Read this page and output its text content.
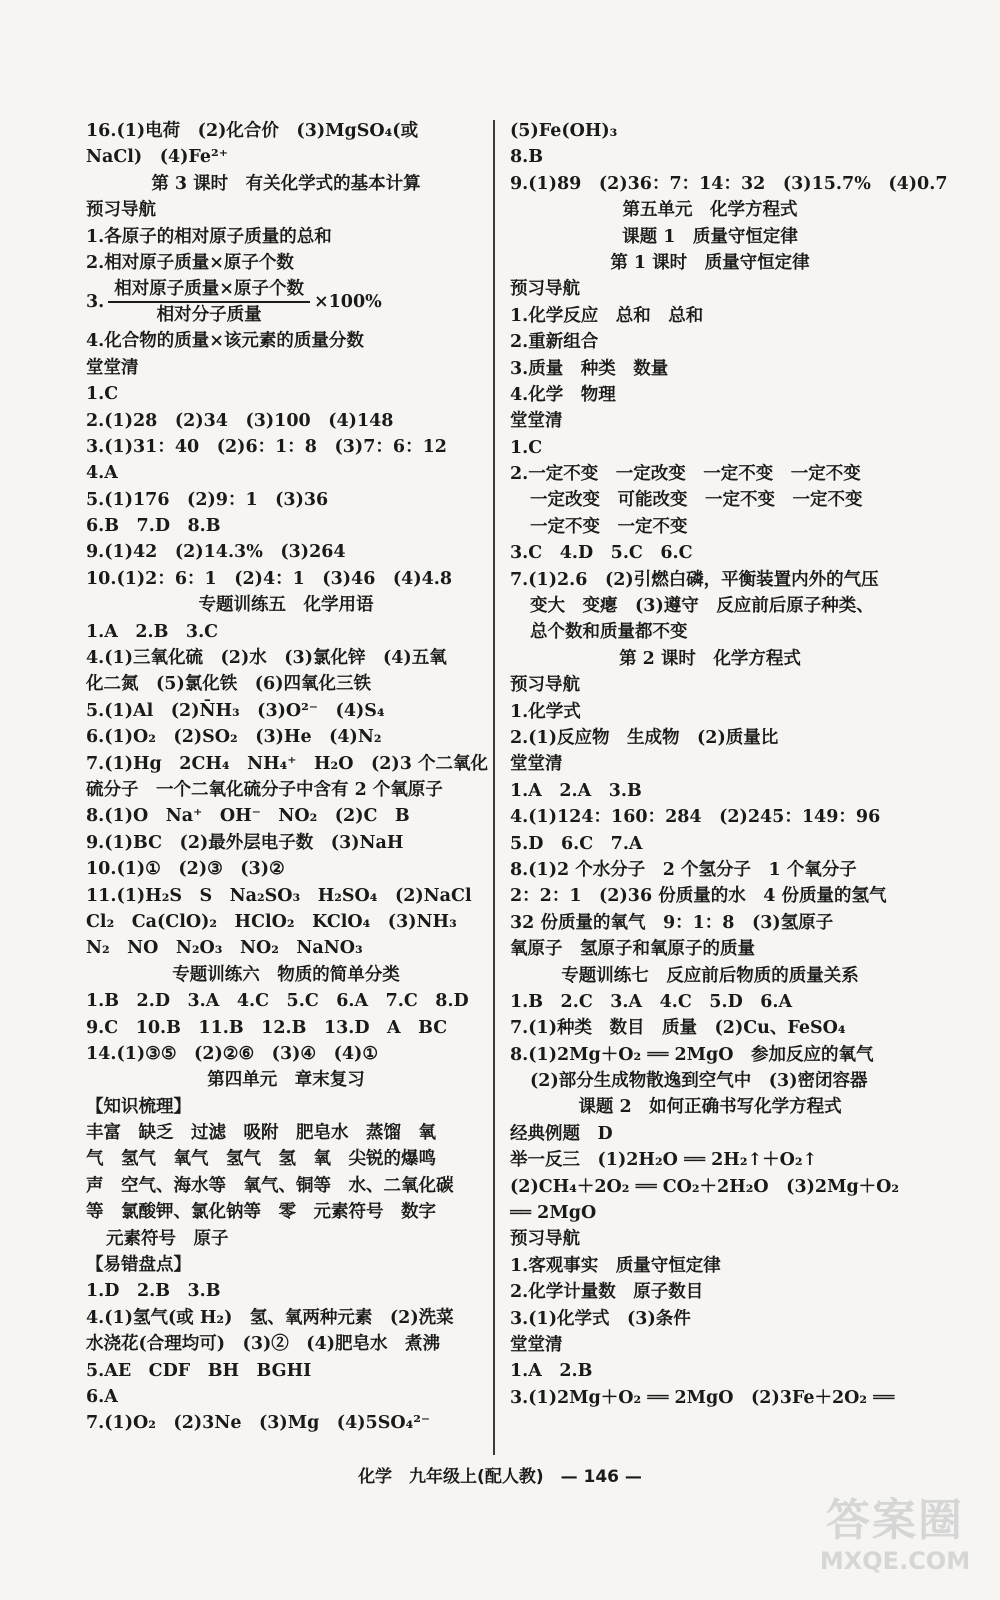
16.(1)电荷　(2)化合价　(3)MgSO₄(或
NaCl)　(4)Fe²⁺
第 3 课时　有关化学式的基本计算
预习导航
1.各原子的相对原子质量的总和
2.相对原子质量×原子个数
3. $\frac{\text{相对原子质量×原子个数}}{\text{相对分子质量}} \times 100\%$
4.化合物的质量×该元素的质量分数
堂堂清
1.C
2.(1)28　(2)34　(3)100　(4)148
3.(1)31：40　(2)6：1：8　(3)7：6：12
4.A
5.(1)176　(2)9：1　(3)36
6.B　7.D　8.B
9.(1)42　(2)14.3%　(3)264
10.(1)2：6：1　(2)4：1　(3)46　(4)4.8
专题训练五　化学用语
1.A　2.B　3.C
4.(1)三氧化硫　(2)水　(3)氯化锌　(4)五氧
化二氮　(5)氯化铁　(6)四氧化三铁
5.(1)Al　(2)N̄H₃　(3)O²⁻　(4)S₄
6.(1)O₂　(2)SO₂　(3)He　(4)N₂
7.(1)Hg　2CH₄　NH₄⁺　H₂O　(2)3 个二氧化
硫分子　一个二氧化硫分子中含有 2 个氧原子
8.(1)O　Na⁺　OH⁻　NO₂　(2)C　B
9.(1)BC　(2)最外层电子数　(3)NaH
10.(1)①　(2)③　(3)②
11.(1)H₂S　S　Na₂SO₃　H₂SO₄　(2)NaCl
Cl₂　Ca(ClO)₂　HClO₂　KClO₄　(3)NH₃
N₂　NO　N₂O₃　NO₂　NaNO₃
专题训练六　物质的简单分类
1.B　2.D　3.A　4.C　5.C　6.A　7.C　8.D
9.C　10.B　11.B　12.B　13.D　A　BC
14.(1)③⑤　(2)②⑥　(3)④　(4)①
第四单元　章末复习
【知识梳理】
丰富　缺乏　过滤　吸附　肥皂水　蒸馏　氧
气　氢气　氧气　氢气　氢　氧　尖锐的爆鸣
声　空气、海水等　氧气、铜等　水、二氧化碳
等　氯酸钾、氯化钠等　零　元素符号　数字
元素符号　原子
【易错盘点】
1.D　2.B　3.B
4.(1)氢气(或 H₂)　氢、氧两种元素　(2)洗菜
水浇花(合理均可)　(3)②　(4)肥皂水　煮沸
5.AE　CDF　BH　BGHI
6.A
7.(1)O₂　(2)3Ne　(3)Mg　(4)5SO₄²⁻
(5)Fe(OH)₃
8.B
9.(1)89　(2)36：7：14：32　(3)15.7%　(4)0.7
第五单元　化学方程式
课题 1　质量守恒定律
第 1 课时　质量守恒定律
预习导航
1.化学反应　总和　总和
2.重新组合
3.质量　种类　数量
4.化学　物理
堂堂清
1.C
2.一定不变　一定改变　一定不变　一定不变
一定改变　可能改变　一定不变　一定不变
一定不变　一定不变
3.C　4.D　5.C　6.C
7.(1)2.6　(2)引燃白磷，平衡装置内外的气压
变大　变瘪　(3)遵守　反应前后原子种类、
总个数和质量都不变
第 2 课时　化学方程式
预习导航
1.化学式
2.(1)反应物　生成物　(2)质量比
堂堂清
1.A　2.A　3.B
4.(1)124：160：284　(2)245：149：96
5.D　6.C　7.A
8.(1)2 个水分子　2 个氢分子　1 个氧分子
2：2：1　(2)36 份质量的水　4 份质量的氢气
32 份质量的氧气　9：1：8　(3)氢原子
氧原子　氢原子和氧原子的质量
专题训练七　反应前后物质的质量关系
1.B　2.C　3.A　4.C　5.D　6.A
7.(1)种类　数目　质量　(2)Cu、FeSO₄
8.(1)2Mg＋O₂ ══ 2MgO　参加反应的氧气
(2)部分生成物散逸到空气中　(3)密闭容器
课题 2　如何正确书写化学方程式
经典例题　D
举一反三　(1)2H₂O ══ 2H₂↑＋O₂↑
(2)CH₄＋2O₂ ══ CO₂＋2H₂O　(3)2Mg＋O₂
══ 2MgO
预习导航
1.客观事实　质量守恒定律
2.化学计量数　原子数目
3.(1)化学式　(3)条件
堂堂清
1.A　2.B
3.(1)2Mg＋O₂ ══ 2MgO　(2)3Fe＋2O₂ ══
化学　九年级上(配人教)　— 146 —
答案圈
MXQE.COM
